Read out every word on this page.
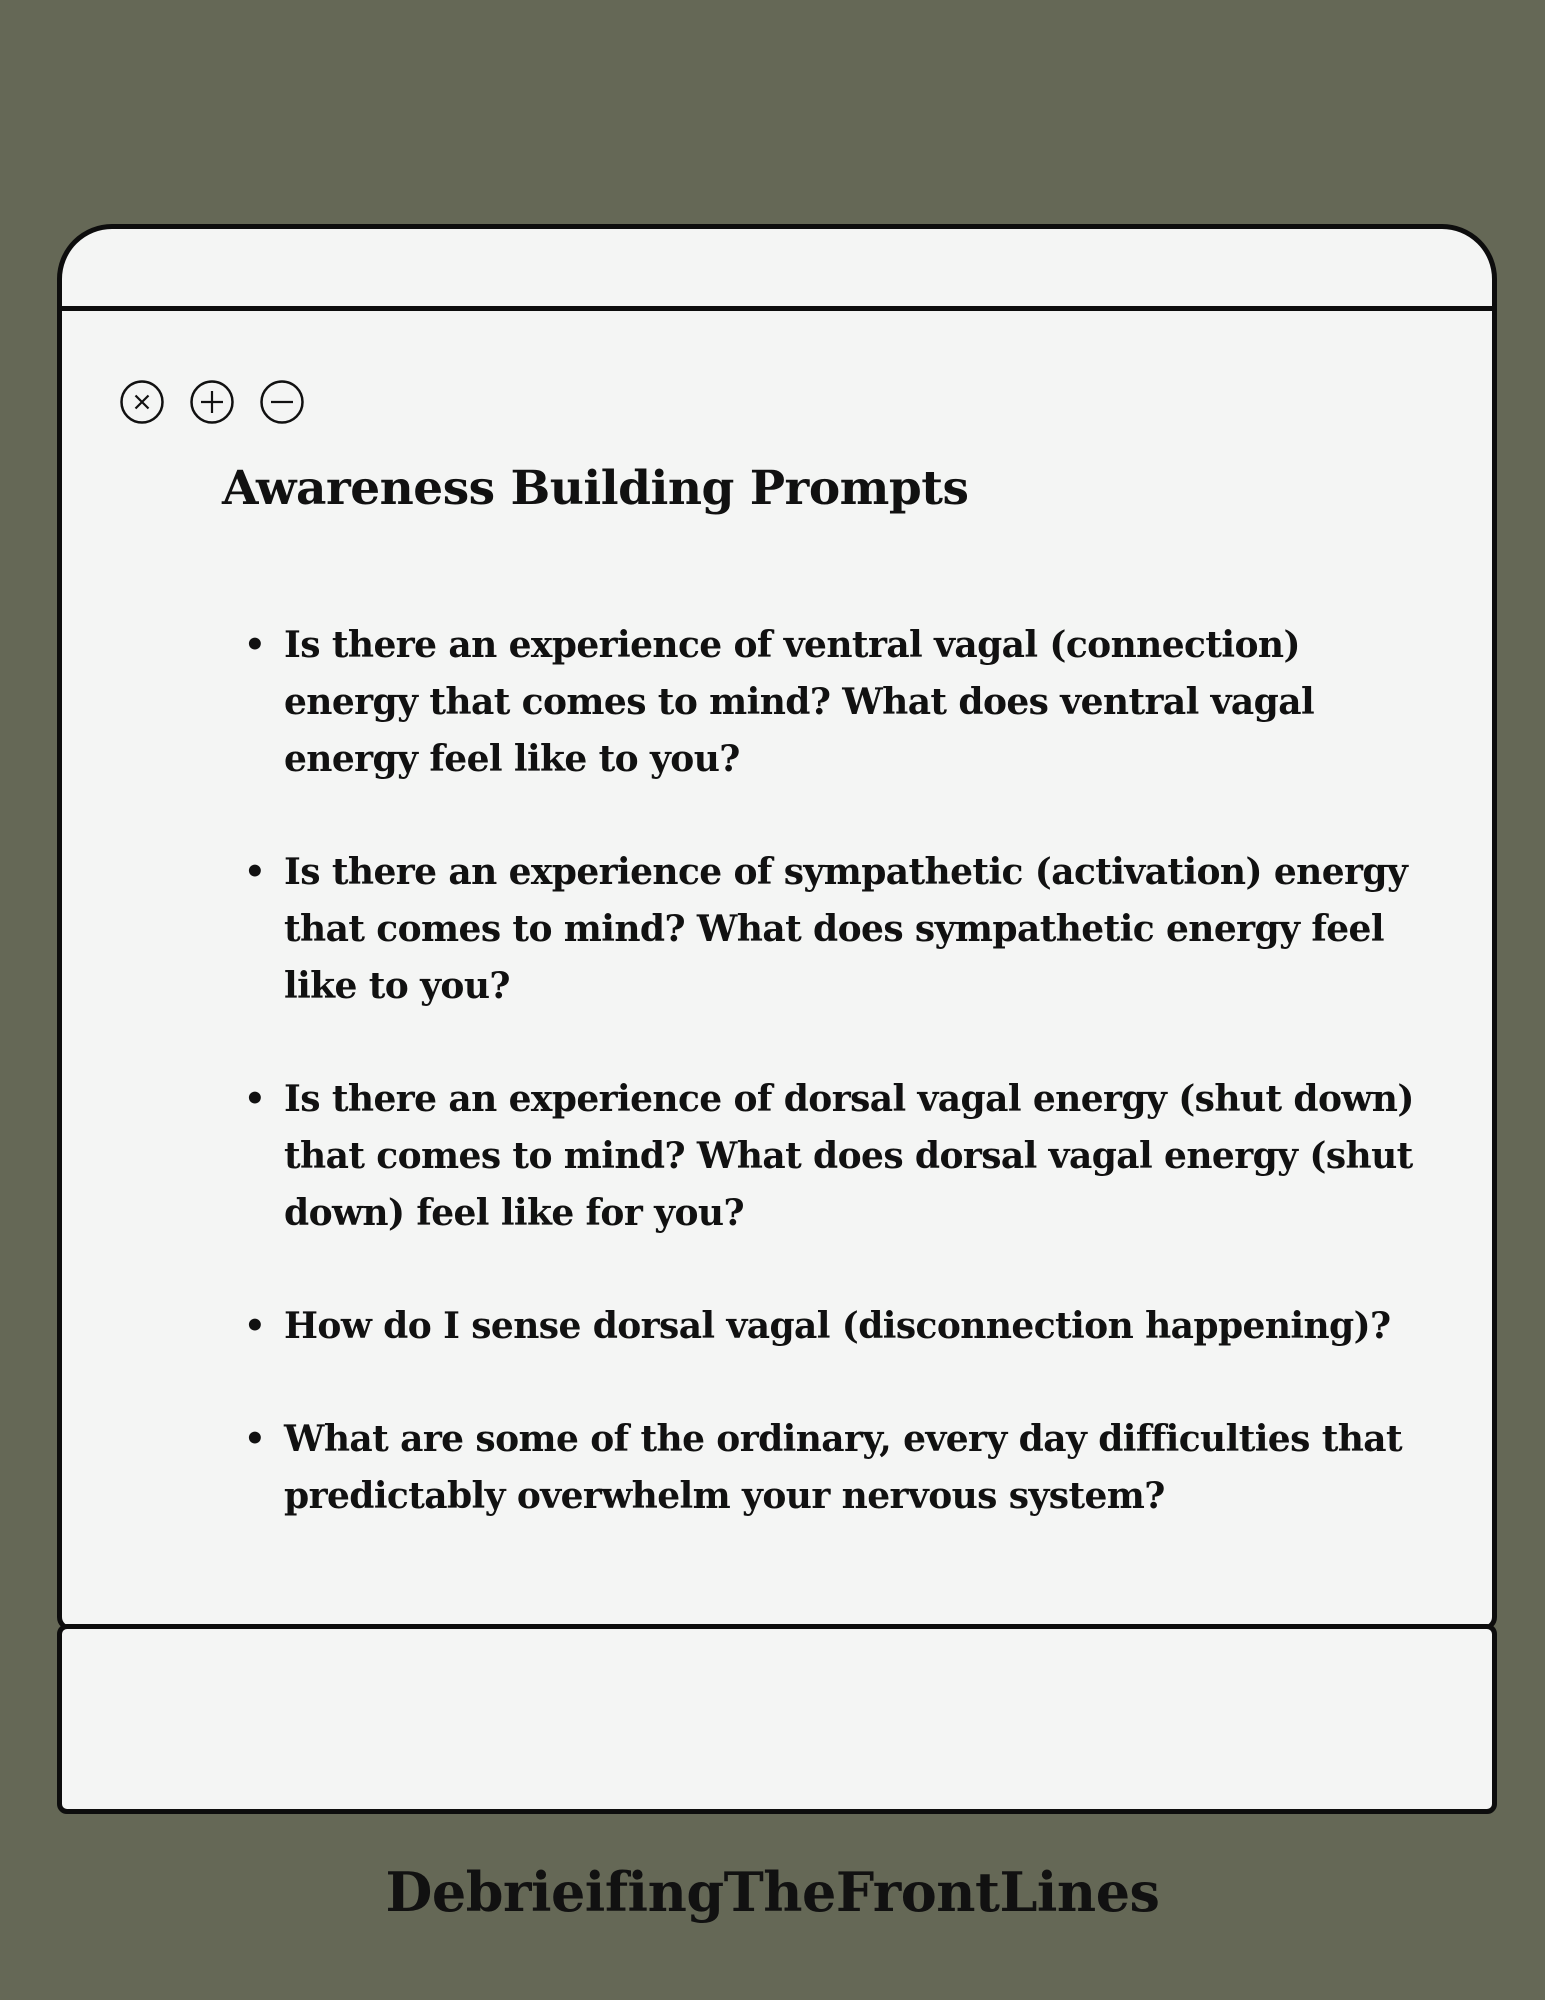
Awareness Building Prompts
• Is there an experience of ventral vagal (connection) energy that comes to mind? What does ventral vagal energy feel like to you?
• Is there an experience of sympathetic (activation) energy that comes to mind? What does sympathetic energy feel like to you?
• Is there an experience of dorsal vagal energy (shut down) that comes to mind? What does dorsal vagal energy (shut down) feel like for you?
• How do I sense dorsal vagal (disconnection happening)?
• What are some of the ordinary, every day difficulties that predictably overwhelm your nervous system?
DebrieifingTheFrontLines
